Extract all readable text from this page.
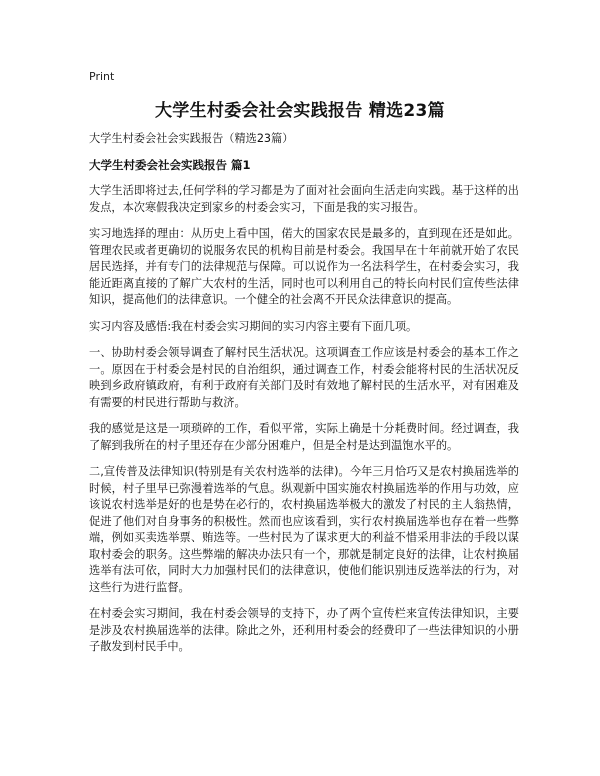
Print
大学生村委会社会实践报告 精选23篇

大学生村委会社会实践报告（精选23篇）

大学生村委会社会实践报告 篇1

大学生活即将过去,任何学科的学习都是为了面对社会面向生活走向实践。基于这样的出发点，本次寒假我决定到家乡的村委会实习，下面是我的实习报告。

实习地选择的理由：从历史上看中国，偌大的国家农民是最多的，直到现在还是如此。管理农民或者更确切的说服务农民的机构目前是村委会。我国早在十年前就开始了农民居民选择，并有专门的法律规范与保障。可以说作为一名法科学生，在村委会实习，我能近距离直接的了解广大农村的生活，同时也可以利用自己的特长向村民们宣传些法律知识，提高他们的法律意识。一个健全的社会离不开民众法律意识的提高。

实习内容及感悟:我在村委会实习期间的实习内容主要有下面几项。

一、协助村委会领导调查了解村民生活状况。这项调查工作应该是村委会的基本工作之一。原因在于村委会是村民的自治组织，通过调查工作，村委会能将村民的生活状况反映到乡政府镇政府，有利于政府有关部门及时有效地了解村民的生活水平，对有困难及有需要的村民进行帮助与救济。

我的感觉是这是一项琐碎的工作，看似平常，实际上确是十分耗费时间。经过调查，我了解到我所在的村子里还存在少部分困难户，但是全村是达到温饱水平的。

二,宣传普及法律知识(特别是有关农村选举的法律)。今年三月恰巧又是农村换届选举的时候，村子里早已弥漫着选举的气息。纵观新中国实施农村换届选举的作用与功效，应该说农村选举是好的也是势在必行的，农村换届选举极大的激发了村民的主人翁热情，促进了他们对自身事务的积极性。然而也应该看到，实行农村换届选举也存在着一些弊端，例如买卖选举票、贿选等。一些村民为了谋求更大的利益不惜采用非法的手段以谋取村委会的职务。这些弊端的解决办法只有一个，那就是制定良好的法律，让农村换届选举有法可依，同时大力加强村民们的法律意识，使他们能识别违反选举法的行为，对这些行为进行监督。

在村委会实习期间，我在村委会领导的支持下，办了两个宣传栏来宣传法律知识，主要是涉及农村换届选举的法律。除此之外，还利用村委会的经费印了一些法律知识的小册子散发到村民手中。
